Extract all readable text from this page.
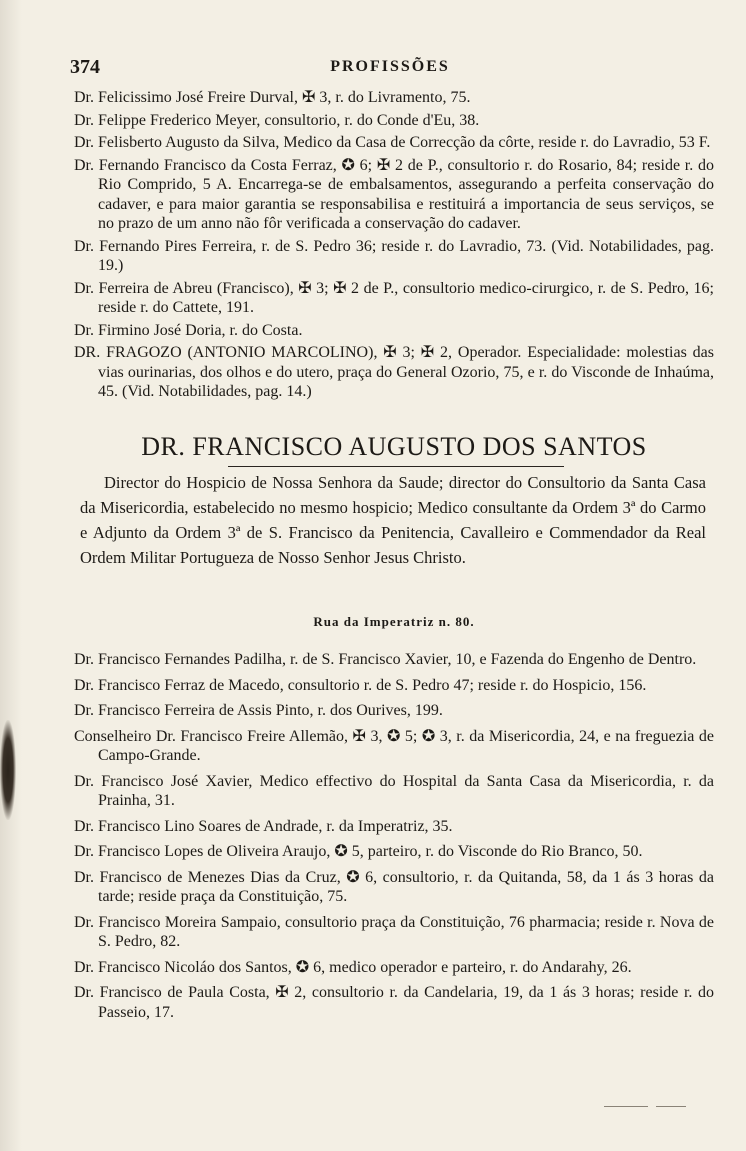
374	PROFISSÕES
Dr. Felicissimo José Freire Durval, ✠ 3, r. do Livramento, 75.
Dr. Felippe Frederico Meyer, consultorio, r. do Conde d'Eu, 38.
Dr. Felisberto Augusto da Silva, Medico da Casa de Correcção da côrte, reside r. do Lavradio, 53 F.
Dr. Fernando Francisco da Costa Ferraz, ✪ 6; ✠ 2 de P., consultorio r. do Rosario, 84; reside r. do Rio Comprido, 5 A. Encarrega-se de embalsamentos, assegurando a perfeita conservação do cadaver, e para maior garantia se responsabilisa e restituirá a importancia de seus serviços, se no prazo de um anno não fôr verificada a conservação do cadaver.
Dr. Fernando Pires Ferreira, r. de S. Pedro 36; reside r. do Lavradio, 73. (Vid. Notabilidades, pag. 19.)
Dr. Ferreira de Abreu (Francisco), ✠ 3; ✠ 2 de P., consultorio medico-cirurgico, r. de S. Pedro, 16; reside r. do Cattete, 191.
Dr. Firmino José Doria, r. do Costa.
DR. FRAGOZO (ANTONIO MARCOLINO), ✠ 3; ✠ 2, Operador. Especialidade: molestias das vias ourinarias, dos olhos e do utero, praça do General Ozorio, 75, e r. do Visconde de Inhaúma, 45. (Vid. Notabilidades, pag. 14.)
DR. FRANCISCO AUGUSTO DOS SANTOS
Director do Hospicio de Nossa Senhora da Saude; director do Consultorio da Santa Casa da Misericordia, estabelecido no mesmo hospicio; Medico consultante da Ordem 3ª do Carmo e Adjunto da Ordem 3ª de S. Francisco da Penitencia, Cavalleiro e Commendador da Real Ordem Militar Portugueza de Nosso Senhor Jesus Christo.
Rua da Imperatriz n. 80.
Dr. Francisco Fernandes Padilha, r. de S. Francisco Xavier, 10, e Fazenda do Engenho de Dentro.
Dr. Francisco Ferraz de Macedo, consultorio r. de S. Pedro 47; reside r. do Hospicio, 156.
Dr. Francisco Ferreira de Assis Pinto, r. dos Ourives, 199.
Conselheiro Dr. Francisco Freire Allemão, ✠ 3, ✪ 5; ✪ 3, r. da Misericordia, 24, e na freguezia de Campo-Grande.
Dr. Francisco José Xavier, Medico effectivo do Hospital da Santa Casa da Misericordia, r. da Prainha, 31.
Dr. Francisco Lino Soares de Andrade, r. da Imperatriz, 35.
Dr. Francisco Lopes de Oliveira Araujo, ✪ 5, parteiro, r. do Visconde do Rio Branco, 50.
Dr. Francisco de Menezes Dias da Cruz, ✪ 6, consultorio, r. da Quitanda, 58, da 1 ás 3 horas da tarde; reside praça da Constituição, 75.
Dr. Francisco Moreira Sampaio, consultorio praça da Constituição, 76 pharmacia; reside r. Nova de S. Pedro, 82.
Dr. Francisco Nicoláo dos Santos, ✪ 6, medico operador e parteiro, r. do Andarahy, 26.
Dr. Francisco de Paula Costa, ✠ 2, consultorio r. da Candelaria, 19, da 1 ás 3 horas; reside r. do Passeio, 17.
